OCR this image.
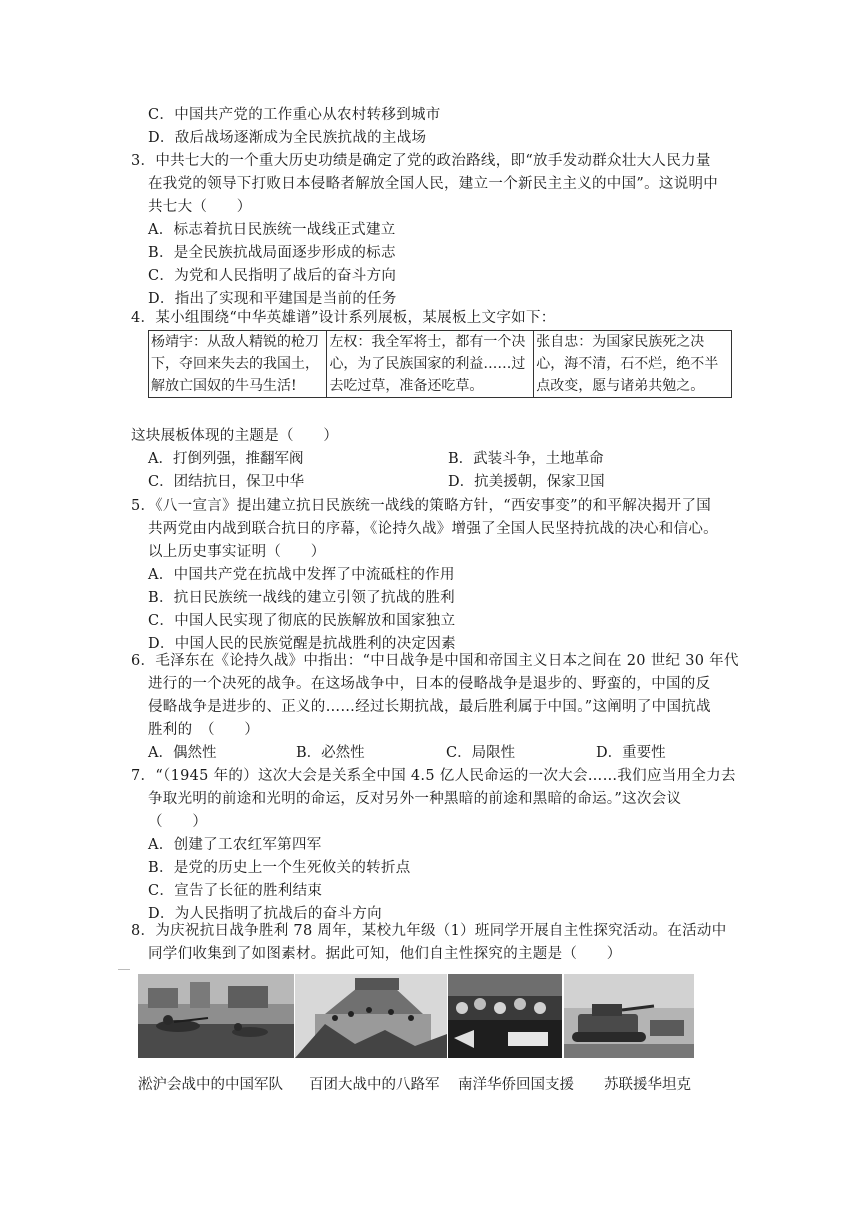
C．中国共产党的工作重心从农村转移到城市
D．敌后战场逐渐成为全民族抗战的主战场
3．中共七大的一个重大历史功绩是确定了党的政治路线，即“放手发动群众壮大人民力量
在我党的领导下打败日本侵略者解放全国人民，建立一个新民主主义的中国”。这说明中
共七大（　　）
A．标志着抗日民族统一战线正式建立
B．是全民族抗战局面逐步形成的标志
C．为党和人民指明了战后的奋斗方向
D．指出了实现和平建国是当前的任务
4．某小组围绕“中华英雄谱”设计系列展板，某展板上文字如下：
杨靖宇：从敌人精锐的枪刀下，夺回来失去的我国土，解放亡国奴的牛马生活!	左权：我全军将士，都有一个决心，为了民族国家的利益……过去吃过草，准备还吃草。	张自忠：为国家民族死之决心，海不清，石不烂，绝不半点改变，愿与诸弟共勉之。
这块展板体现的主题是（　　）
A．打倒列强，推翻军阀	B．武装斗争，土地革命
C．团结抗日，保卫中华	D．抗美援朝，保家卫国
5．《八一宣言》提出建立抗日民族统一战线的策略方针，“西安事变”的和平解决揭开了国
共两党由内战到联合抗日的序幕，《论持久战》增强了全国人民坚持抗战的决心和信心。
以上历史事实证明（　　）
A．中国共产党在抗战中发挥了中流砥柱的作用
B．抗日民族统一战线的建立引领了抗战的胜利
C．中国人民实现了彻底的民族解放和国家独立
D．中国人民的民族觉醒是抗战胜利的决定因素
6．毛泽东在《论持久战》中指出：“中日战争是中国和帝国主义日本之间在 20 世纪 30 年代
进行的一个决死的战争。在这场战争中，日本的侵略战争是退步的、野蛮的，中国的反
侵略战争是进步的、正义的……经过长期抗战，最后胜利属于中国。”这阐明了中国抗战
胜利的　（　　）
A．偶然性	B．必然性	C．局限性	D．重要性
7．“（1945 年的）这次大会是关系全中国 4.5 亿人民命运的一次大会……我们应当用全力去
争取光明的前途和光明的命运，反对另外一种黑暗的前途和黑暗的命运。”这次会议
（　　）
A．创建了工农红军第四军
B．是党的历史上一个生死攸关的转折点
C．宣告了长征的胜利结束
D．为人民指明了抗战后的奋斗方向
8．为庆祝抗日战争胜利 78 周年，某校九年级（1）班同学开展自主性探究活动。在活动中
同学们收集到了如图素材。据此可知，他们自主性探究的主题是（　　）
淞沪会战中的中国军队 百团大战中的八路军 南洋华侨回国支援 苏联援华坦克
